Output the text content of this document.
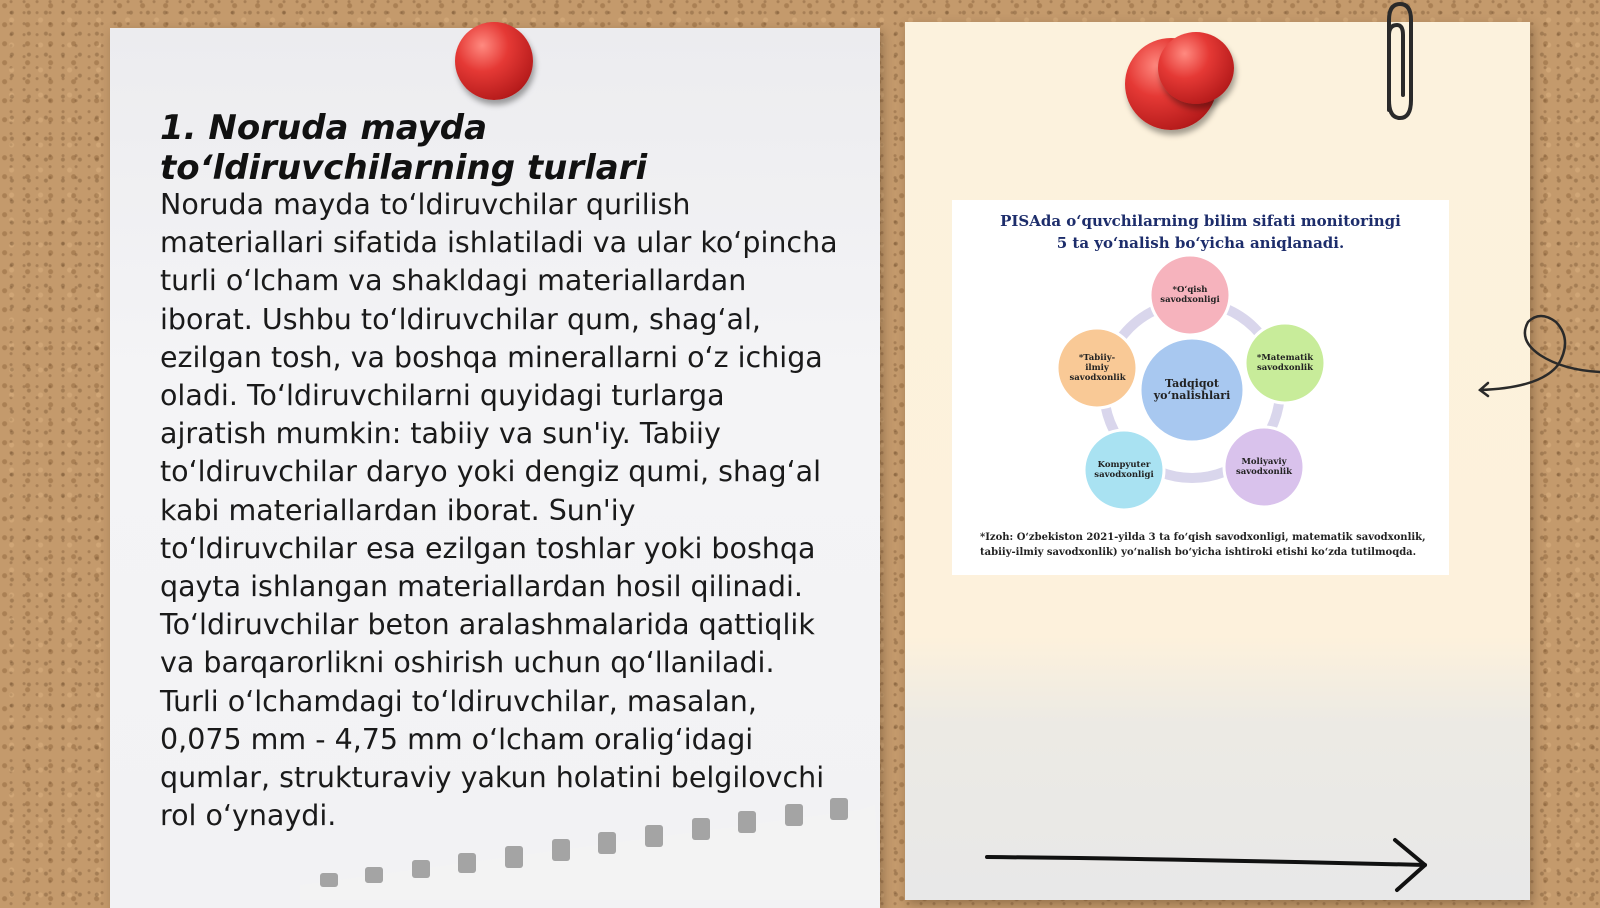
1. Noruda mayda to‘ldiruvchilarning turlari

Noruda mayda to‘ldiruvchilar qurilish materiallari sifatida ishlatiladi va ular ko‘pincha turli o‘lcham va shakldagi materiallardan iborat. Ushbu to‘ldiruvchilar qum, shag‘al, ezilgan tosh, va boshqa minerallarni o‘z ichiga oladi. To‘ldiruvchilarni quyidagi turlarga ajratish mumkin: tabiiy va sun'iy. Tabiiy to‘ldiruvchilar daryo yoki dengiz qumi, shag‘al kabi materiallardan iborat. Sun'iy to‘ldiruvchilar esa ezilgan toshlar yoki boshqa qayta ishlangan materiallardan hosil qilinadi. To‘ldiruvchilar beton aralashmalarida qattiqlik va barqarorlikni oshirish uchun qo‘llaniladi. Turli o‘lchamdagi to‘ldiruvchilar, masalan, 0,075 mm - 4,75 mm o‘lcham oralig‘idagi qumlar, strukturaviy yakun holatini belgilovchi rol o‘ynaydi.

PISAda o‘quvchilarning bilim sifati monitoringi

5 ta yo‘nalish bo‘yicha aniqlanadi.

Tadqiqot yo‘nalishlari
*O‘qish savodxonligi
*Matematik savodxonlik
Moliyaviy savodxonlik
Kompyuter savodxonligi
*Tabiiy-ilmiy savodxonlik

*Izoh: O‘zbekiston 2021-yilda 3 ta fo‘qish savodxonligi, matematik savodxonlik, tabiiy-ilmiy savodxonlik) yo‘nalish bo‘yicha ishtiroki etishi ko‘zda tutilmoqda.
